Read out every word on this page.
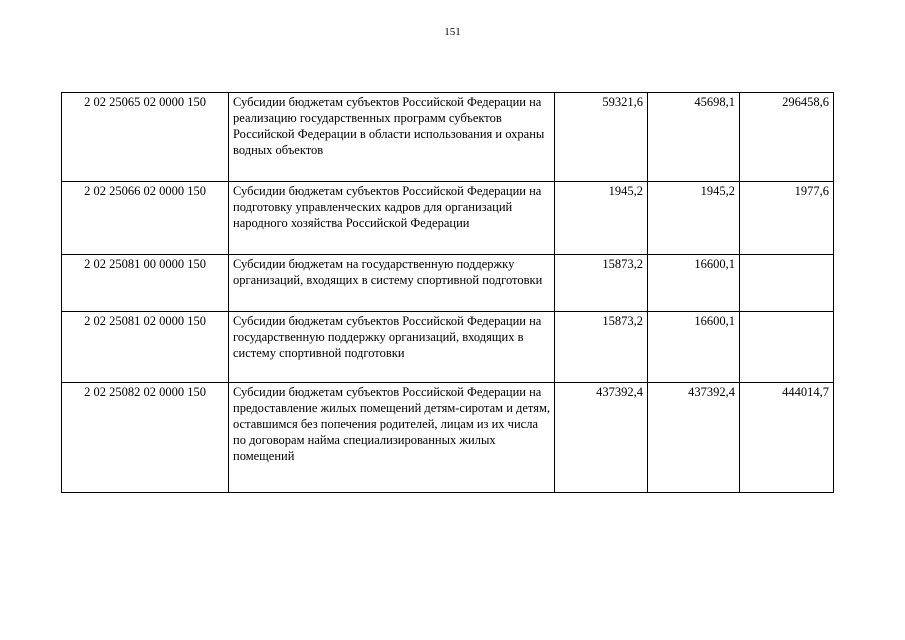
151
2 02 25065 02 0000 150	Субсидии бюджетам субъектов Российской Федерации на реализацию государственных программ субъектов Российской Федерации в области использования и охраны водных объектов	59321,6	45698,1	296458,6
2 02 25066 02 0000 150	Субсидии бюджетам субъектов Российской Федерации на подготовку управленческих кадров для организаций народного хозяйства Российской Федерации	1945,2	1945,2	1977,6
2 02 25081 00 0000 150	Субсидии бюджетам на государственную поддержку организаций, входящих в систему спортивной подготовки	15873,2	16600,1	
2 02 25081 02 0000 150	Субсидии бюджетам субъектов Российской Федерации на государственную поддержку организаций, входящих в систему спортивной подготовки	15873,2	16600,1	
2 02 25082 02 0000 150	Субсидии бюджетам субъектов Российской Федерации на предоставление жилых помещений детям-сиротам и детям, оставшимся без попечения родителей, лицам из их числа по договорам найма специализированных жилых помещений	437392,4	437392,4	444014,7
